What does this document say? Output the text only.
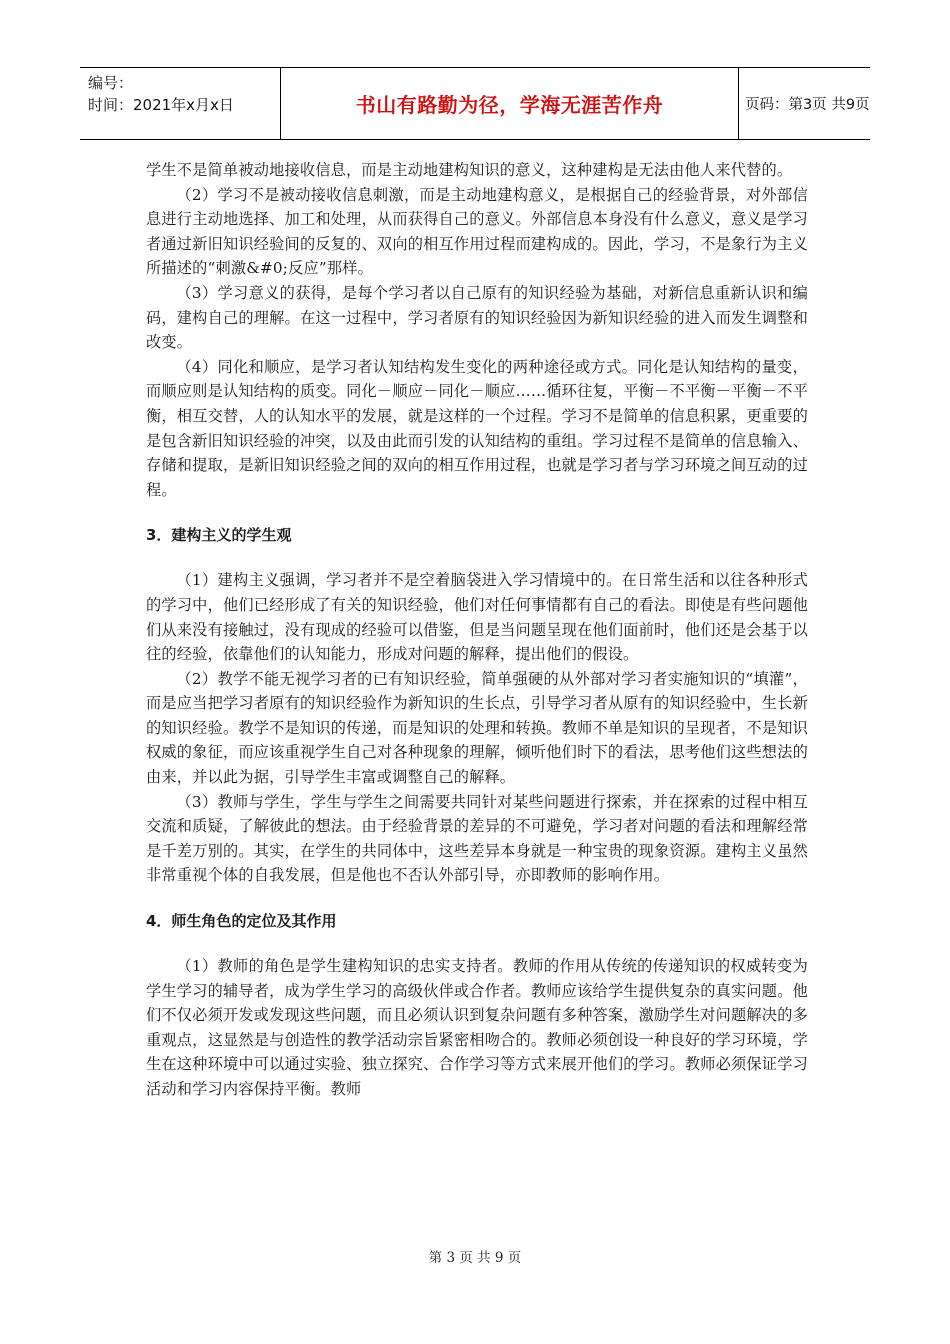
编号：
时间：2021年x月x日	书山有路勤为径，学海无涯苦作舟	页码：第3页 共9页

学生不是简单被动地接收信息，而是主动地建构知识的意义，这种建构是无法由他人来代替的。

（2）学习不是被动接收信息刺激，而是主动地建构意义，是根据自己的经验背景，对外部信息进行主动地选择、加工和处理，从而获得自己的意义。外部信息本身没有什么意义，意义是学习者通过新旧知识经验间的反复的、双向的相互作用过程而建构成的。因此，学习，不是象行为主义所描述的“刺激&#0;反应”那样。

（3）学习意义的获得，是每个学习者以自己原有的知识经验为基础，对新信息重新认识和编码，建构自己的理解。在这一过程中，学习者原有的知识经验因为新知识经验的进入而发生调整和改变。

（4）同化和顺应，是学习者认知结构发生变化的两种途径或方式。同化是认知结构的量变，而顺应则是认知结构的质变。同化－顺应－同化－顺应……循环往复，平衡－不平衡－平衡－不平衡，相互交替，人的认知水平的发展，就是这样的一个过程。学习不是简单的信息积累，更重要的是包含新旧知识经验的冲突，以及由此而引发的认知结构的重组。学习过程不是简单的信息输入、存储和提取，是新旧知识经验之间的双向的相互作用过程，也就是学习者与学习环境之间互动的过程。

3．建构主义的学生观

（1）建构主义强调，学习者并不是空着脑袋进入学习情境中的。在日常生活和以往各种形式的学习中，他们已经形成了有关的知识经验，他们对任何事情都有自己的看法。即使是有些问题他们从来没有接触过，没有现成的经验可以借鉴，但是当问题呈现在他们面前时，他们还是会基于以往的经验，依靠他们的认知能力，形成对问题的解释，提出他们的假设。

（2）教学不能无视学习者的已有知识经验，简单强硬的从外部对学习者实施知识的“填灌”，而是应当把学习者原有的知识经验作为新知识的生长点，引导学习者从原有的知识经验中，生长新的知识经验。教学不是知识的传递，而是知识的处理和转换。教师不单是知识的呈现者，不是知识权威的象征，而应该重视学生自己对各种现象的理解，倾听他们时下的看法，思考他们这些想法的由来，并以此为据，引导学生丰富或调整自己的解释。

（3）教师与学生，学生与学生之间需要共同针对某些问题进行探索，并在探索的过程中相互交流和质疑，了解彼此的想法。由于经验背景的差异的不可避免，学习者对问题的看法和理解经常是千差万别的。其实，在学生的共同体中，这些差异本身就是一种宝贵的现象资源。建构主义虽然非常重视个体的自我发展，但是他也不否认外部引导，亦即教师的影响作用。

4．师生角色的定位及其作用

（1）教师的角色是学生建构知识的忠实支持者。教师的作用从传统的传递知识的权威转变为学生学习的辅导者，成为学生学习的高级伙伴或合作者。教师应该给学生提供复杂的真实问题。他们不仅必须开发或发现这些问题，而且必须认识到复杂问题有多种答案，激励学生对问题解决的多重观点，这显然是与创造性的教学活动宗旨紧密相吻合的。教师必须创设一种良好的学习环境，学生在这种环境中可以通过实验、独立探究、合作学习等方式来展开他们的学习。教师必须保证学习活动和学习内容保持平衡。教师

第 3 页 共 9 页
